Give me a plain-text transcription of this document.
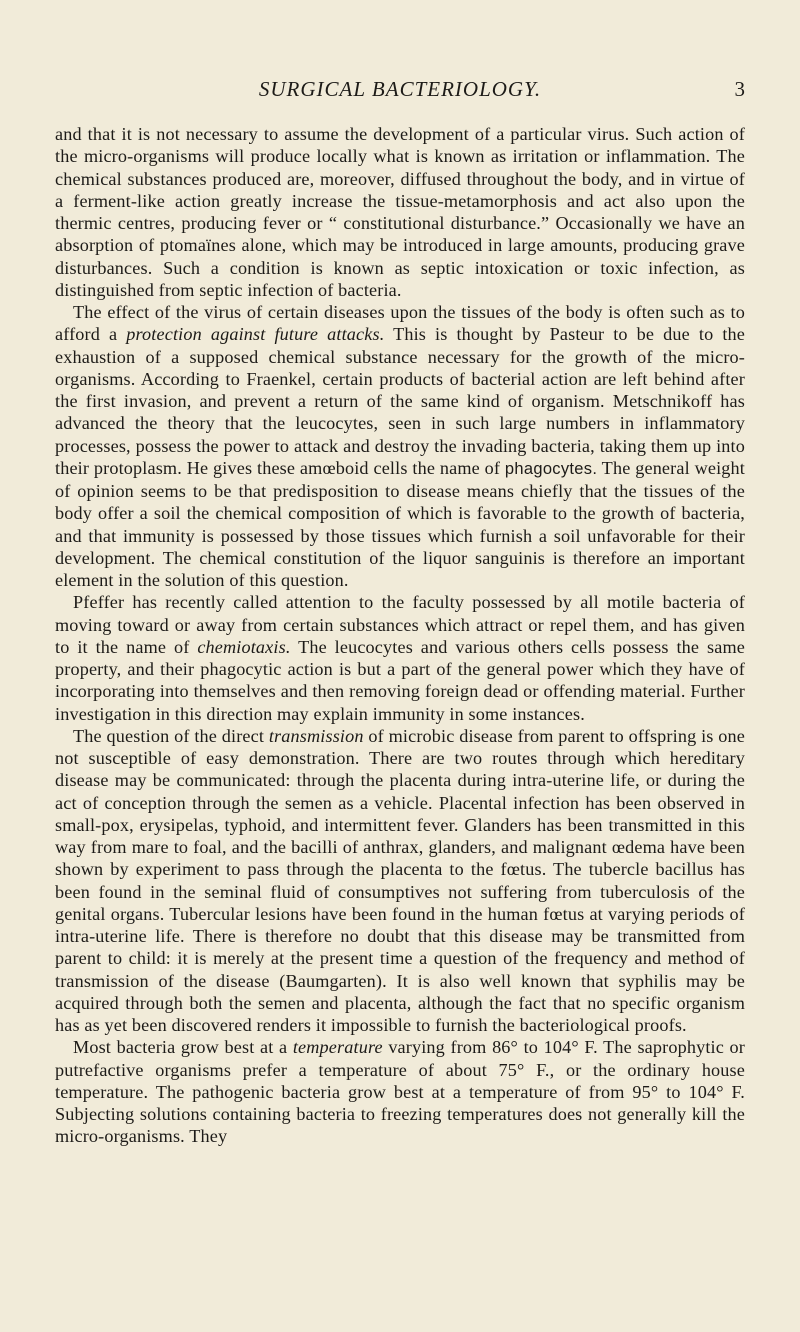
SURGICAL BACTERIOLOGY.	3

and that it is not necessary to assume the development of a particular virus. Such action of the micro-organisms will produce locally what is known as irritation or inflammation. The chemical substances produced are, moreover, diffused throughout the body, and in virtue of a ferment-like action greatly increase the tissue-metamorphosis and act also upon the thermic centres, producing fever or “ constitutional disturbance.” Occasionally we have an absorption of ptomaïnes alone, which may be introduced in large amounts, producing grave disturbances. Such a condition is known as septic intoxication or toxic infection, as distinguished from septic infection of bacteria.

The effect of the virus of certain diseases upon the tissues of the body is often such as to afford a protection against future attacks. This is thought by Pasteur to be due to the exhaustion of a supposed chemical substance necessary for the growth of the micro-organisms. According to Fraenkel, certain products of bacterial action are left behind after the first invasion, and prevent a return of the same kind of organism. Metschnikoff has advanced the theory that the leucocytes, seen in such large numbers in inflammatory processes, possess the power to attack and destroy the invading bacteria, taking them up into their protoplasm. He gives these amœboid cells the name of phagocytes. The general weight of opinion seems to be that predisposition to disease means chiefly that the tissues of the body offer a soil the chemical composition of which is favorable to the growth of bacteria, and that immunity is possessed by those tissues which furnish a soil unfavorable for their development. The chemical constitution of the liquor sanguinis is therefore an important element in the solution of this question.

Pfeffer has recently called attention to the faculty possessed by all motile bacteria of moving toward or away from certain substances which attract or repel them, and has given to it the name of chemiotaxis. The leucocytes and various others cells possess the same property, and their phagocytic action is but a part of the general power which they have of incorporating into themselves and then removing foreign dead or offending material. Further investigation in this direction may explain immunity in some instances.

The question of the direct transmission of microbic disease from parent to offspring is one not susceptible of easy demonstration. There are two routes through which hereditary disease may be communicated: through the placenta during intra-uterine life, or during the act of conception through the semen as a vehicle. Placental infection has been observed in small-pox, erysipelas, typhoid, and intermittent fever. Glanders has been transmitted in this way from mare to foal, and the bacilli of anthrax, glanders, and malignant œdema have been shown by experiment to pass through the placenta to the fœtus. The tubercle bacillus has been found in the seminal fluid of consumptives not suffering from tuberculosis of the genital organs. Tubercular lesions have been found in the human fœtus at varying periods of intra-uterine life. There is therefore no doubt that this disease may be transmitted from parent to child: it is merely at the present time a question of the frequency and method of transmission of the disease (Baumgarten). It is also well known that syphilis may be acquired through both the semen and placenta, although the fact that no specific organism has as yet been discovered renders it impossible to furnish the bacteriological proofs.

Most bacteria grow best at a temperature varying from 86° to 104° F. The saprophytic or putrefactive organisms prefer a temperature of about 75° F., or the ordinary house temperature. The pathogenic bacteria grow best at a temperature of from 95° to 104° F. Subjecting solutions containing bacteria to freezing temperatures does not generally kill the micro-organisms. They
